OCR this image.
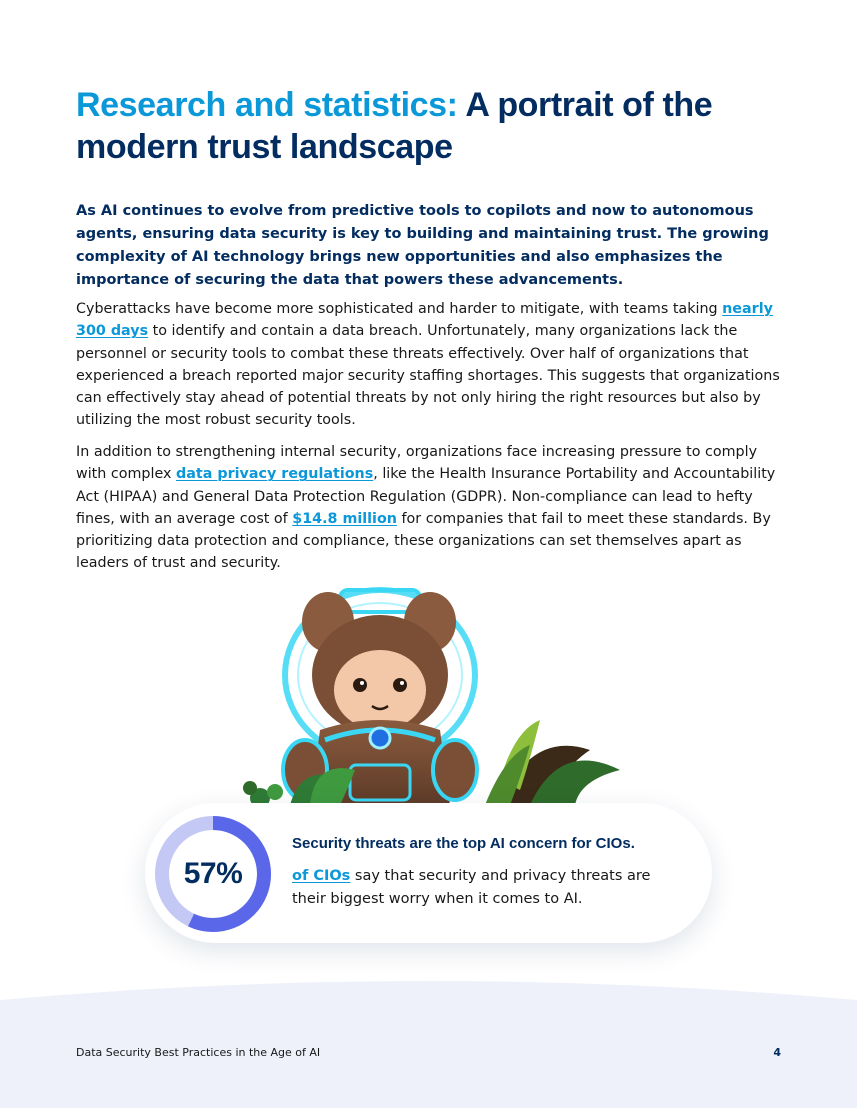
Research and statistics: A portrait of the modern trust landscape

As AI continues to evolve from predictive tools to copilots and now to autonomous agents, ensuring data security is key to building and maintaining trust. The growing complexity of AI technology brings new opportunities and also emphasizes the importance of securing the data that powers these advancements.

Cyberattacks have become more sophisticated and harder to mitigate, with teams taking nearly 300 days to identify and contain a data breach. Unfortunately, many organizations lack the personnel or security tools to combat these threats effectively. Over half of organizations that experienced a breach reported major security staffing shortages. This suggests that organizations can effectively stay ahead of potential threats by not only hiring the right resources but also by utilizing the most robust security tools.

In addition to strengthening internal security, organizations face increasing pressure to comply with complex data privacy regulations, like the Health Insurance Portability and Accountability Act (HIPAA) and General Data Protection Regulation (GDPR). Non-compliance can lead to hefty fines, with an average cost of $14.8 million for companies that fail to meet these standards. By prioritizing data protection and compliance, these organizations can set themselves apart as leaders of trust and security.

57%

Security threats are the top AI concern for CIOs.

of CIOs say that security and privacy threats are their biggest worry when it comes to AI.

Data Security Best Practices in the Age of AI	4
